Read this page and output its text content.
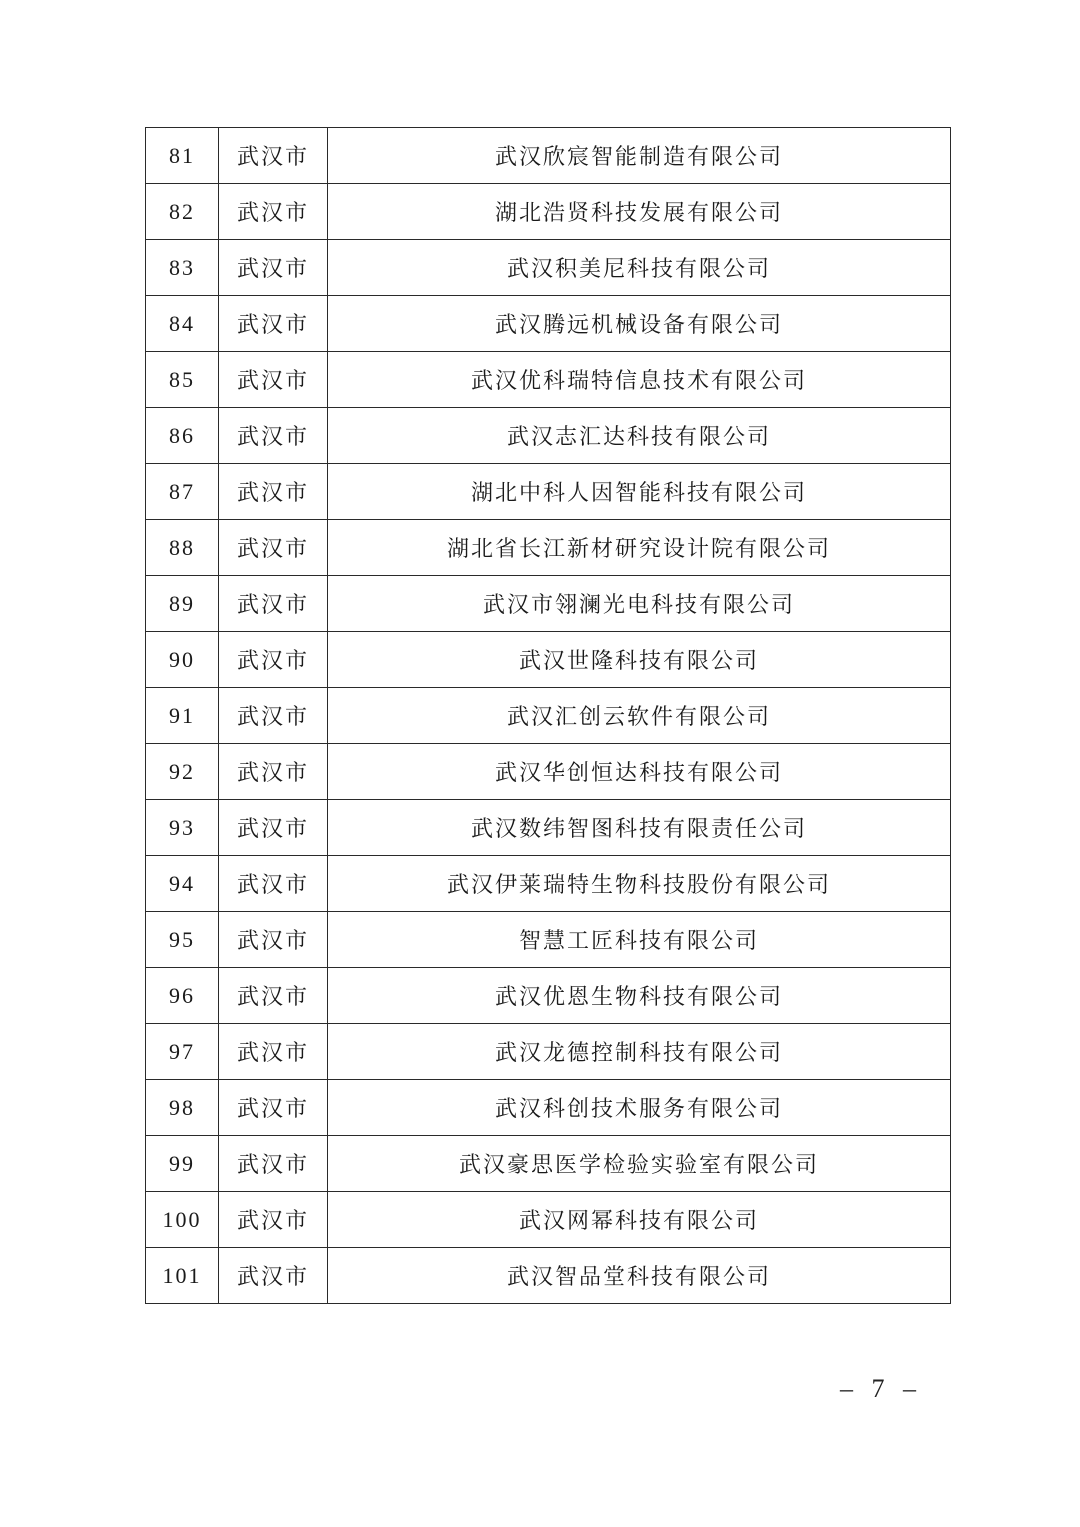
81	武汉市	武汉欣宸智能制造有限公司
82	武汉市	湖北浩贤科技发展有限公司
83	武汉市	武汉积美尼科技有限公司
84	武汉市	武汉腾远机械设备有限公司
85	武汉市	武汉优科瑞特信息技术有限公司
86	武汉市	武汉志汇达科技有限公司
87	武汉市	湖北中科人因智能科技有限公司
88	武汉市	湖北省长江新材研究设计院有限公司
89	武汉市	武汉市翎澜光电科技有限公司
90	武汉市	武汉世隆科技有限公司
91	武汉市	武汉汇创云软件有限公司
92	武汉市	武汉华创恒达科技有限公司
93	武汉市	武汉数纬智图科技有限责任公司
94	武汉市	武汉伊莱瑞特生物科技股份有限公司
95	武汉市	智慧工匠科技有限公司
96	武汉市	武汉优恩生物科技有限公司
97	武汉市	武汉龙德控制科技有限公司
98	武汉市	武汉科创技术服务有限公司
99	武汉市	武汉豪思医学检验实验室有限公司
100	武汉市	武汉网幂科技有限公司
101	武汉市	武汉智品堂科技有限公司
– 7 –
